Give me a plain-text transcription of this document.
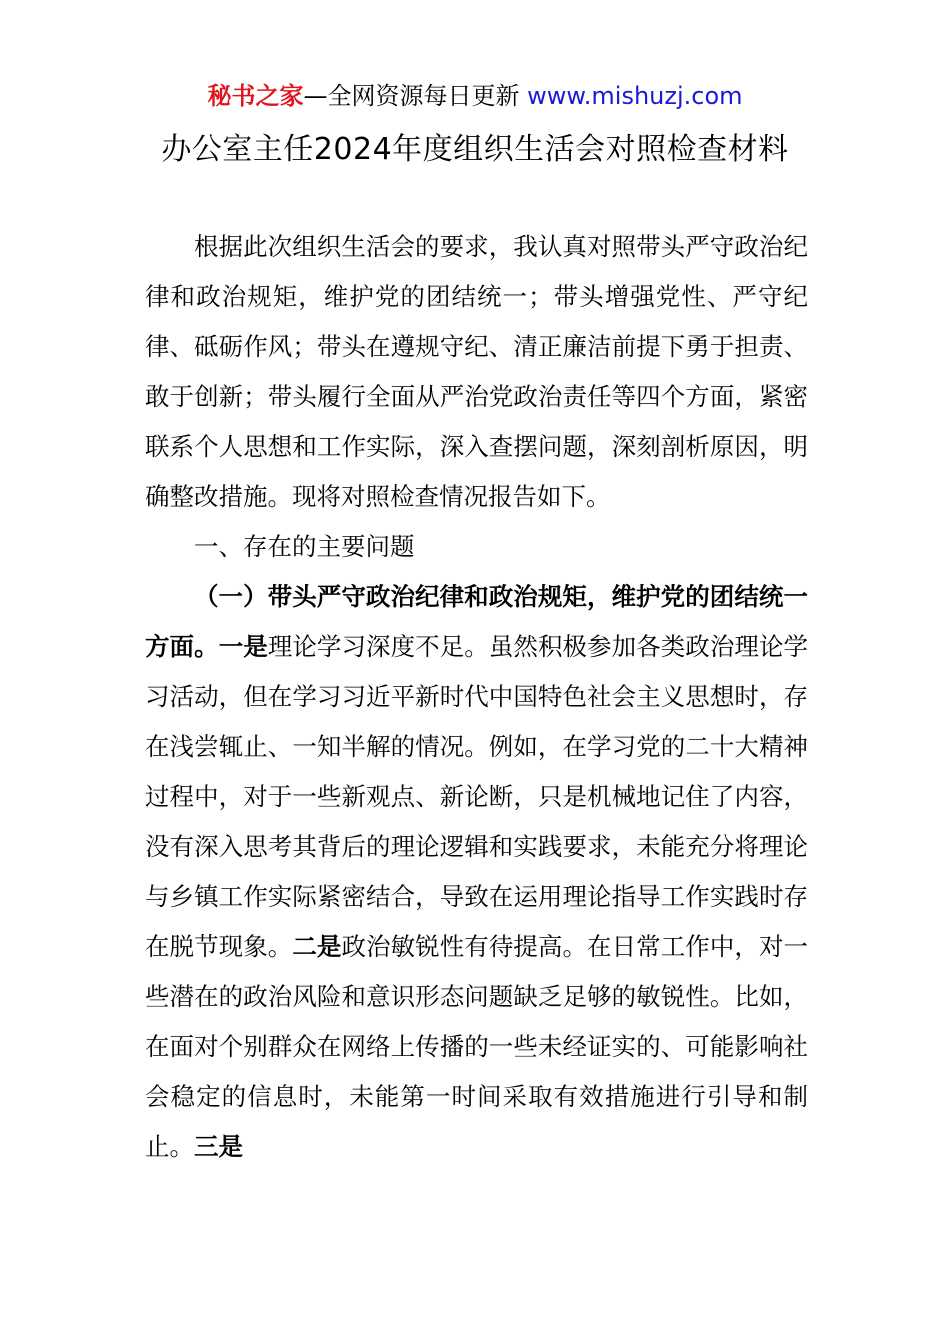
秘书之家—全网资源每日更新 www.mishuzj.com
办公室主任2024年度组织生活会对照检查材料

根据此次组织生活会的要求，我认真对照带头严守政治纪律和政治规矩，维护党的团结统一；带头增强党性、严守纪律、砥砺作风；带头在遵规守纪、清正廉洁前提下勇于担责、敢于创新；带头履行全面从严治党政治责任等四个方面，紧密联系个人思想和工作实际，深入查摆问题，深刻剖析原因，明确整改措施。现将对照检查情况报告如下。

一、存在的主要问题

（一）带头严守政治纪律和政治规矩，维护党的团结统一方面。一是理论学习深度不足。虽然积极参加各类政治理论学习活动，但在学习习近平新时代中国特色社会主义思想时，存在浅尝辄止、一知半解的情况。例如，在学习党的二十大精神过程中，对于一些新观点、新论断，只是机械地记住了内容，没有深入思考其背后的理论逻辑和实践要求，未能充分将理论与乡镇工作实际紧密结合，导致在运用理论指导工作实践时存在脱节现象。二是政治敏锐性有待提高。在日常工作中，对一些潜在的政治风险和意识形态问题缺乏足够的敏锐性。比如，在面对个别群众在网络上传播的一些未经证实的、可能影响社会稳定的信息时，未能第一时间采取有效措施进行引导和制止。三是
